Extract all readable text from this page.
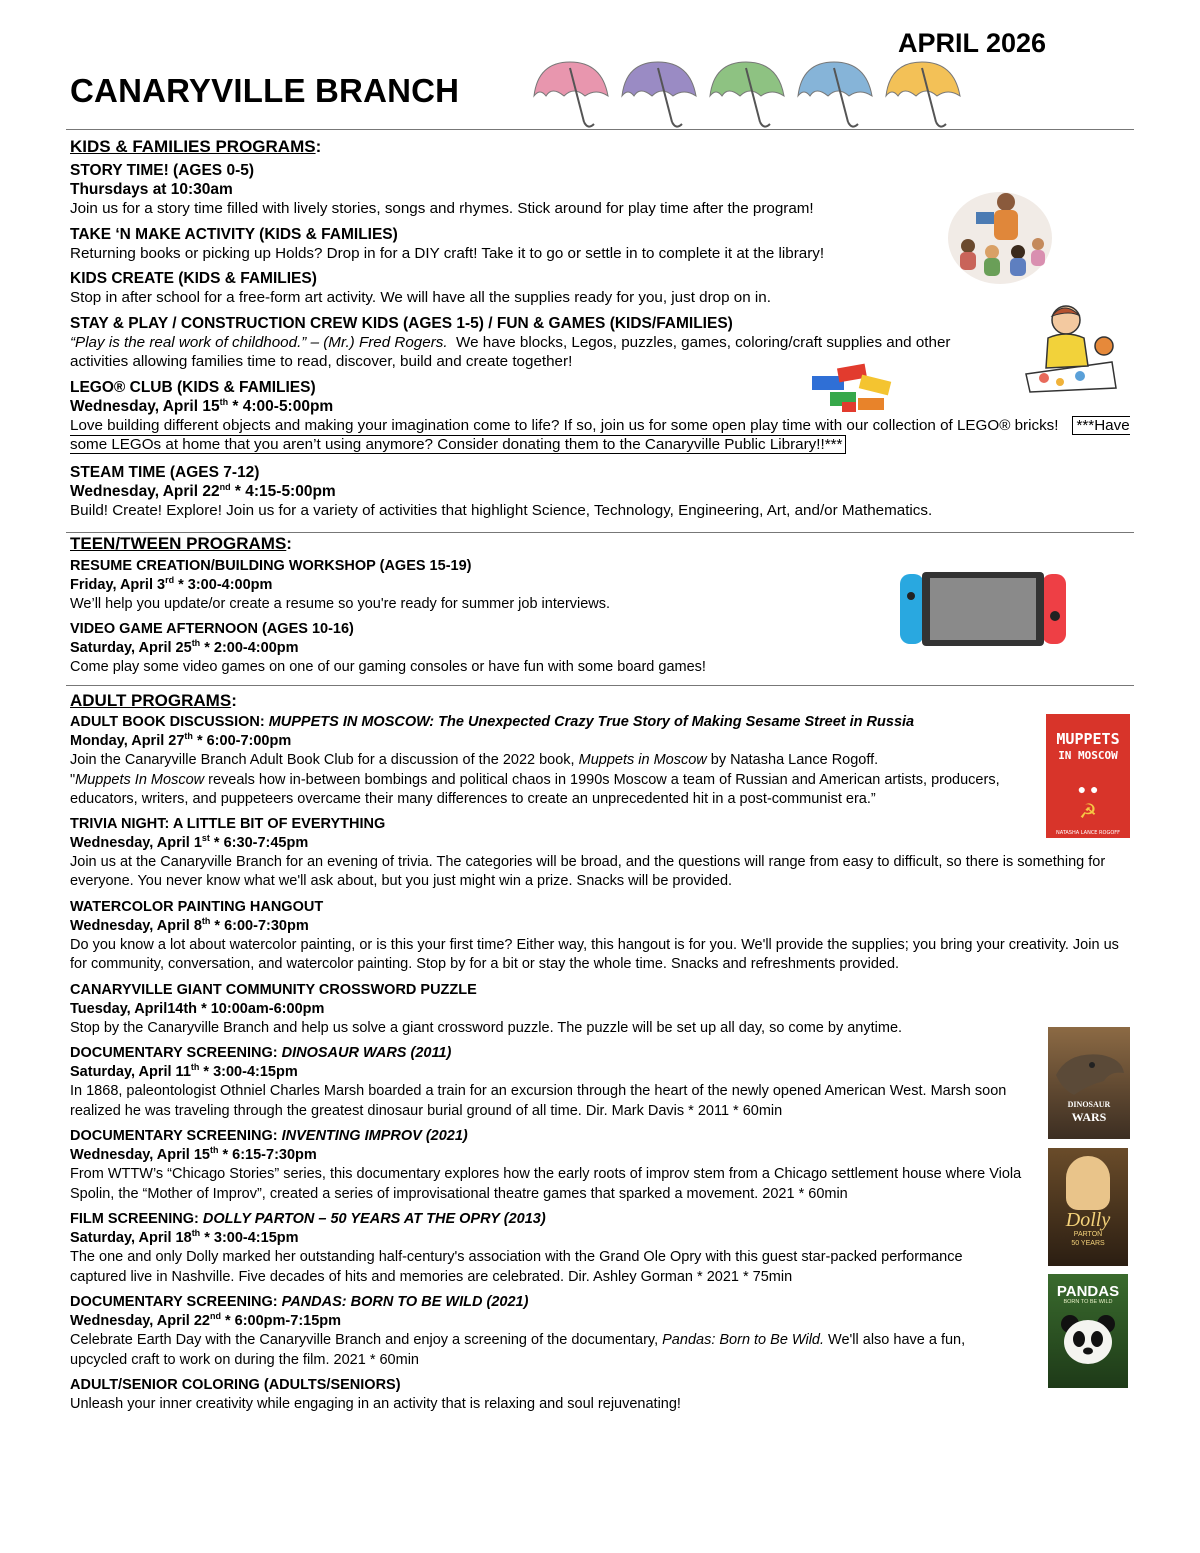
APRIL 2026
CANARYVILLE BRANCH
KIDS & FAMILIES PROGRAMS:
STORY TIME! (AGES 0-5)
Thursdays at 10:30am
Join us for a story time filled with lively stories, songs and rhymes. Stick around for play time after the program!
TAKE ‘N MAKE ACTIVITY (KIDS & FAMILIES)
Returning books or picking up Holds? Drop in for a DIY craft! Take it to go or settle in to complete it at the library!
KIDS CREATE (KIDS & FAMILIES)
Stop in after school for a free-form art activity. We will have all the supplies ready for you, just drop on in.
STAY & PLAY / CONSTRUCTION CREW KIDS (AGES 1-5) / FUN & GAMES (KIDS/FAMILIES)
“Play is the real work of childhood.” – (Mr.) Fred Rogers. We have blocks, Legos, puzzles, games, coloring/craft supplies and other activities allowing families time to read, discover, build and create together!
LEGO® CLUB (KIDS & FAMILIES)
Wednesday, April 15th * 4:00-5:00pm
Love building different objects and making your imagination come to life? If so, join us for some open play time with our collection of LEGO® bricks! ***Have some LEGOs at home that you aren’t using anymore? Consider donating them to the Canaryville Public Library!!***
STEAM TIME (AGES 7-12)
Wednesday, April 22nd * 4:15-5:00pm
Build! Create! Explore! Join us for a variety of activities that highlight Science, Technology, Engineering, Art, and/or Mathematics.
TEEN/TWEEN PROGRAMS:
RESUME CREATION/BUILDING WORKSHOP (AGES 15-19)
Friday, April 3rd * 3:00-4:00pm
We’ll help you update/or create a resume so you're ready for summer job interviews.
VIDEO GAME AFTERNOON (AGES 10-16)
Saturday, April 25th * 2:00-4:00pm
Come play some video games on one of our gaming consoles or have fun with some board games!
ADULT PROGRAMS:
ADULT BOOK DISCUSSION: MUPPETS IN MOSCOW: The Unexpected Crazy True Story of Making Sesame Street in Russia
Monday, April 27th * 6:00-7:00pm
Join the Canaryville Branch Adult Book Club for a discussion of the 2022 book, Muppets in Moscow by Natasha Lance Rogoff.
"Muppets In Moscow reveals how in-between bombings and political chaos in 1990s Moscow a team of Russian and American artists, producers, educators, writers, and puppeteers overcame their many differences to create an unprecedented hit in a post-communist era.”
TRIVIA NIGHT: A LITTLE BIT OF EVERYTHING
Wednesday, April 1st * 6:30-7:45pm
Join us at the Canaryville Branch for an evening of trivia. The categories will be broad, and the questions will range from easy to difficult, so there is something for everyone. You never know what we'll ask about, but you just might win a prize. Snacks will be provided.
WATERCOLOR PAINTING HANGOUT
Wednesday, April 8th * 6:00-7:30pm
Do you know a lot about watercolor painting, or is this your first time? Either way, this hangout is for you. We'll provide the supplies; you bring your creativity. Join us for community, conversation, and watercolor painting. Stop by for a bit or stay the whole time. Snacks and refreshments provided.
CANARYVILLE GIANT COMMUNITY CROSSWORD PUZZLE
Tuesday, April14th * 10:00am-6:00pm
Stop by the Canaryville Branch and help us solve a giant crossword puzzle. The puzzle will be set up all day, so come by anytime.
DOCUMENTARY SCREENING: DINOSAUR WARS (2011)
Saturday, April 11th * 3:00-4:15pm
In 1868, paleontologist Othniel Charles Marsh boarded a train for an excursion through the heart of the newly opened American West. Marsh soon realized he was traveling through the greatest dinosaur burial ground of all time. Dir. Mark Davis * 2011 * 60min
DOCUMENTARY SCREENING: INVENTING IMPROV (2021)
Wednesday, April 15th * 6:15-7:30pm
From WTTW’s “Chicago Stories” series, this documentary explores how the early roots of improv stem from a Chicago settlement house where Viola Spolin, the “Mother of Improv”, created a series of improvisational theatre games that sparked a movement. 2021 * 60min
FILM SCREENING: DOLLY PARTON – 50 YEARS AT THE OPRY (2013)
Saturday, April 18th * 3:00-4:15pm
The one and only Dolly marked her outstanding half-century's association with the Grand Ole Opry with this guest star-packed performance captured live in Nashville. Five decades of hits and memories are celebrated. Dir. Ashley Gorman * 2021 * 75min
DOCUMENTARY SCREENING: PANDAS: BORN TO BE WILD (2021)
Wednesday, April 22nd * 6:00pm-7:15pm
Celebrate Earth Day with the Canaryville Branch and enjoy a screening of the documentary, Pandas: Born to Be Wild. We'll also have a fun, upcycled craft to work on during the film. 2021 * 60min
ADULT/SENIOR COLORING (ADULTS/SENIORS)
Unleash your inner creativity while engaging in an activity that is relaxing and soul rejuvenating!
MUPPETS
IN MOSCOW
● ●
☭
NATASHA LANCE ROGOFF
DINOSAUR
WARS
Dolly
PARTON
50 YEARS
PANDAS
BORN TO BE WILD
